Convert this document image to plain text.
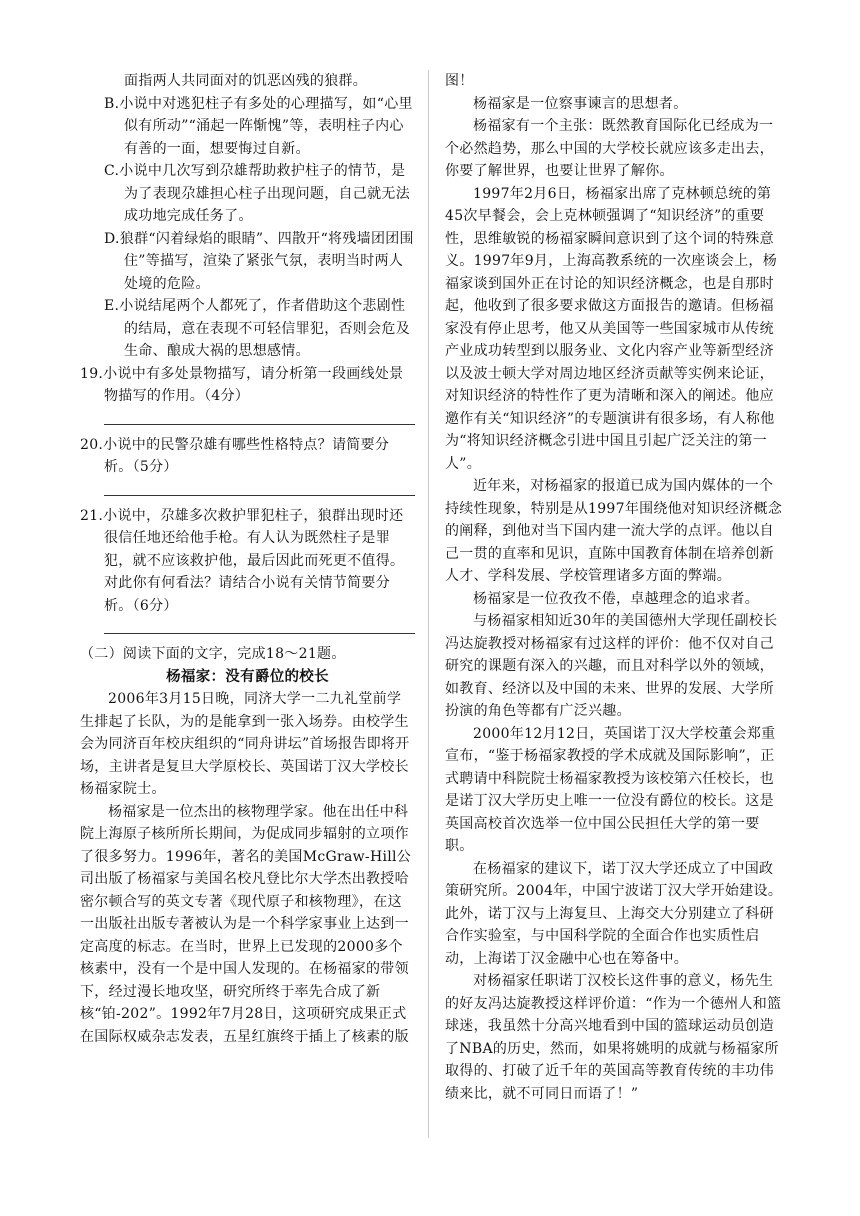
面指两人共同面对的饥恶凶残的狼群。

B.小说中对逃犯柱子有多处的心理描写，如“心里似有所动”“涌起一阵惭愧”等，表明柱子内心有善的一面，想要悔过自新。

C.小说中几次写到尕雄帮助救护柱子的情节，是为了表现尕雄担心柱子出现问题，自己就无法成功地完成任务了。

D.狼群“闪着绿焰的眼睛”、四散开“将残墙团团围住”等描写，渲染了紧张气氛，表明当时两人处境的危险。

E.小说结尾两个人都死了，作者借助这个悲剧性的结局，意在表现不可轻信罪犯，否则会危及生命、酿成大祸的思想感情。

19.小说中有多处景物描写，请分析第一段画线处景物描写的作用。（4分）

20.小说中的民警尕雄有哪些性格特点？请简要分析。（5分）

21.小说中，尕雄多次救护罪犯柱子，狼群出现时还很信任地还给他手枪。有人认为既然柱子是罪犯，就不应该救护他，最后因此而死更不值得。对此你有何看法？请结合小说有关情节简要分析。（6分）

（二）阅读下面的文字，完成18～21题。

杨福家：没有爵位的校长

2006年3月15日晚，同济大学一二九礼堂前学生排起了长队，为的是能拿到一张入场券。由校学生会为同济百年校庆组织的“同舟讲坛”首场报告即将开场，主讲者是复旦大学原校长、英国诺丁汉大学校长杨福家院士。

杨福家是一位杰出的核物理学家。他在出任中科院上海原子核所所长期间，为促成同步辐射的立项作了很多努力。1996年，著名的美国McGraw-Hill公司出版了杨福家与美国名校凡登比尔大学杰出教授哈密尔顿合写的英文专著《现代原子和核物理》，在这一出版社出版专著被认为是一个科学家事业上达到一定高度的标志。在当时，世界上已发现的2000多个核素中，没有一个是中国人发现的。在杨福家的带领下，经过漫长地攻坚，研究所终于率先合成了新核“铂-202”。1992年7月28日，这项研究成果正式在国际权威杂志发表，五星红旗终于插上了核素的版

图！

杨福家是一位察事谏言的思想者。

杨福家有一个主张：既然教育国际化已经成为一个必然趋势，那么中国的大学校长就应该多走出去，你要了解世界，也要让世界了解你。

1997年2月6日，杨福家出席了克林顿总统的第45次早餐会，会上克林顿强调了“知识经济”的重要性，思维敏锐的杨福家瞬间意识到了这个词的特殊意义。1997年9月，上海高教系统的一次座谈会上，杨福家谈到国外正在讨论的知识经济概念，也是自那时起，他收到了很多要求做这方面报告的邀请。但杨福家没有停止思考，他又从美国等一些国家城市从传统产业成功转型到以服务业、文化内容产业等新型经济以及波士顿大学对周边地区经济贡献等实例来论证，对知识经济的特性作了更为清晰和深入的阐述。他应邀作有关“知识经济”的专题演讲有很多场，有人称他为“将知识经济概念引进中国且引起广泛关注的第一人”。

近年来，对杨福家的报道已成为国内媒体的一个持续性现象，特别是从1997年围绕他对知识经济概念的阐释，到他对当下国内建一流大学的点评。他以自己一贯的直率和见识，直陈中国教育体制在培养创新人才、学科发展、学校管理诸多方面的弊端。

杨福家是一位孜孜不倦，卓越理念的追求者。

与杨福家相知近30年的美国德州大学现任副校长冯达旋教授对杨福家有过这样的评价：他不仅对自己研究的课题有深入的兴趣，而且对科学以外的领域，如教育、经济以及中国的未来、世界的发展、大学所扮演的角色等都有广泛兴趣。

2000年12月12日，英国诺丁汉大学校董会郑重宣布，“鉴于杨福家教授的学术成就及国际影响”，正式聘请中科院院士杨福家教授为该校第六任校长，也是诺丁汉大学历史上唯一一位没有爵位的校长。这是英国高校首次选举一位中国公民担任大学的第一要职。

在杨福家的建议下，诺丁汉大学还成立了中国政策研究所。2004年，中国宁波诺丁汉大学开始建设。此外，诺丁汉与上海复旦、上海交大分别建立了科研合作实验室，与中国科学院的全面合作也实质性启动，上海诺丁汉金融中心也在筹备中。

对杨福家任职诺丁汉校长这件事的意义，杨先生的好友冯达旋教授这样评价道：“作为一个德州人和篮球迷，我虽然十分高兴地看到中国的篮球运动员创造了NBA的历史，然而，如果将姚明的成就与杨福家所取得的、打破了近千年的英国高等教育传统的丰功伟绩来比，就不可同日而语了！”
